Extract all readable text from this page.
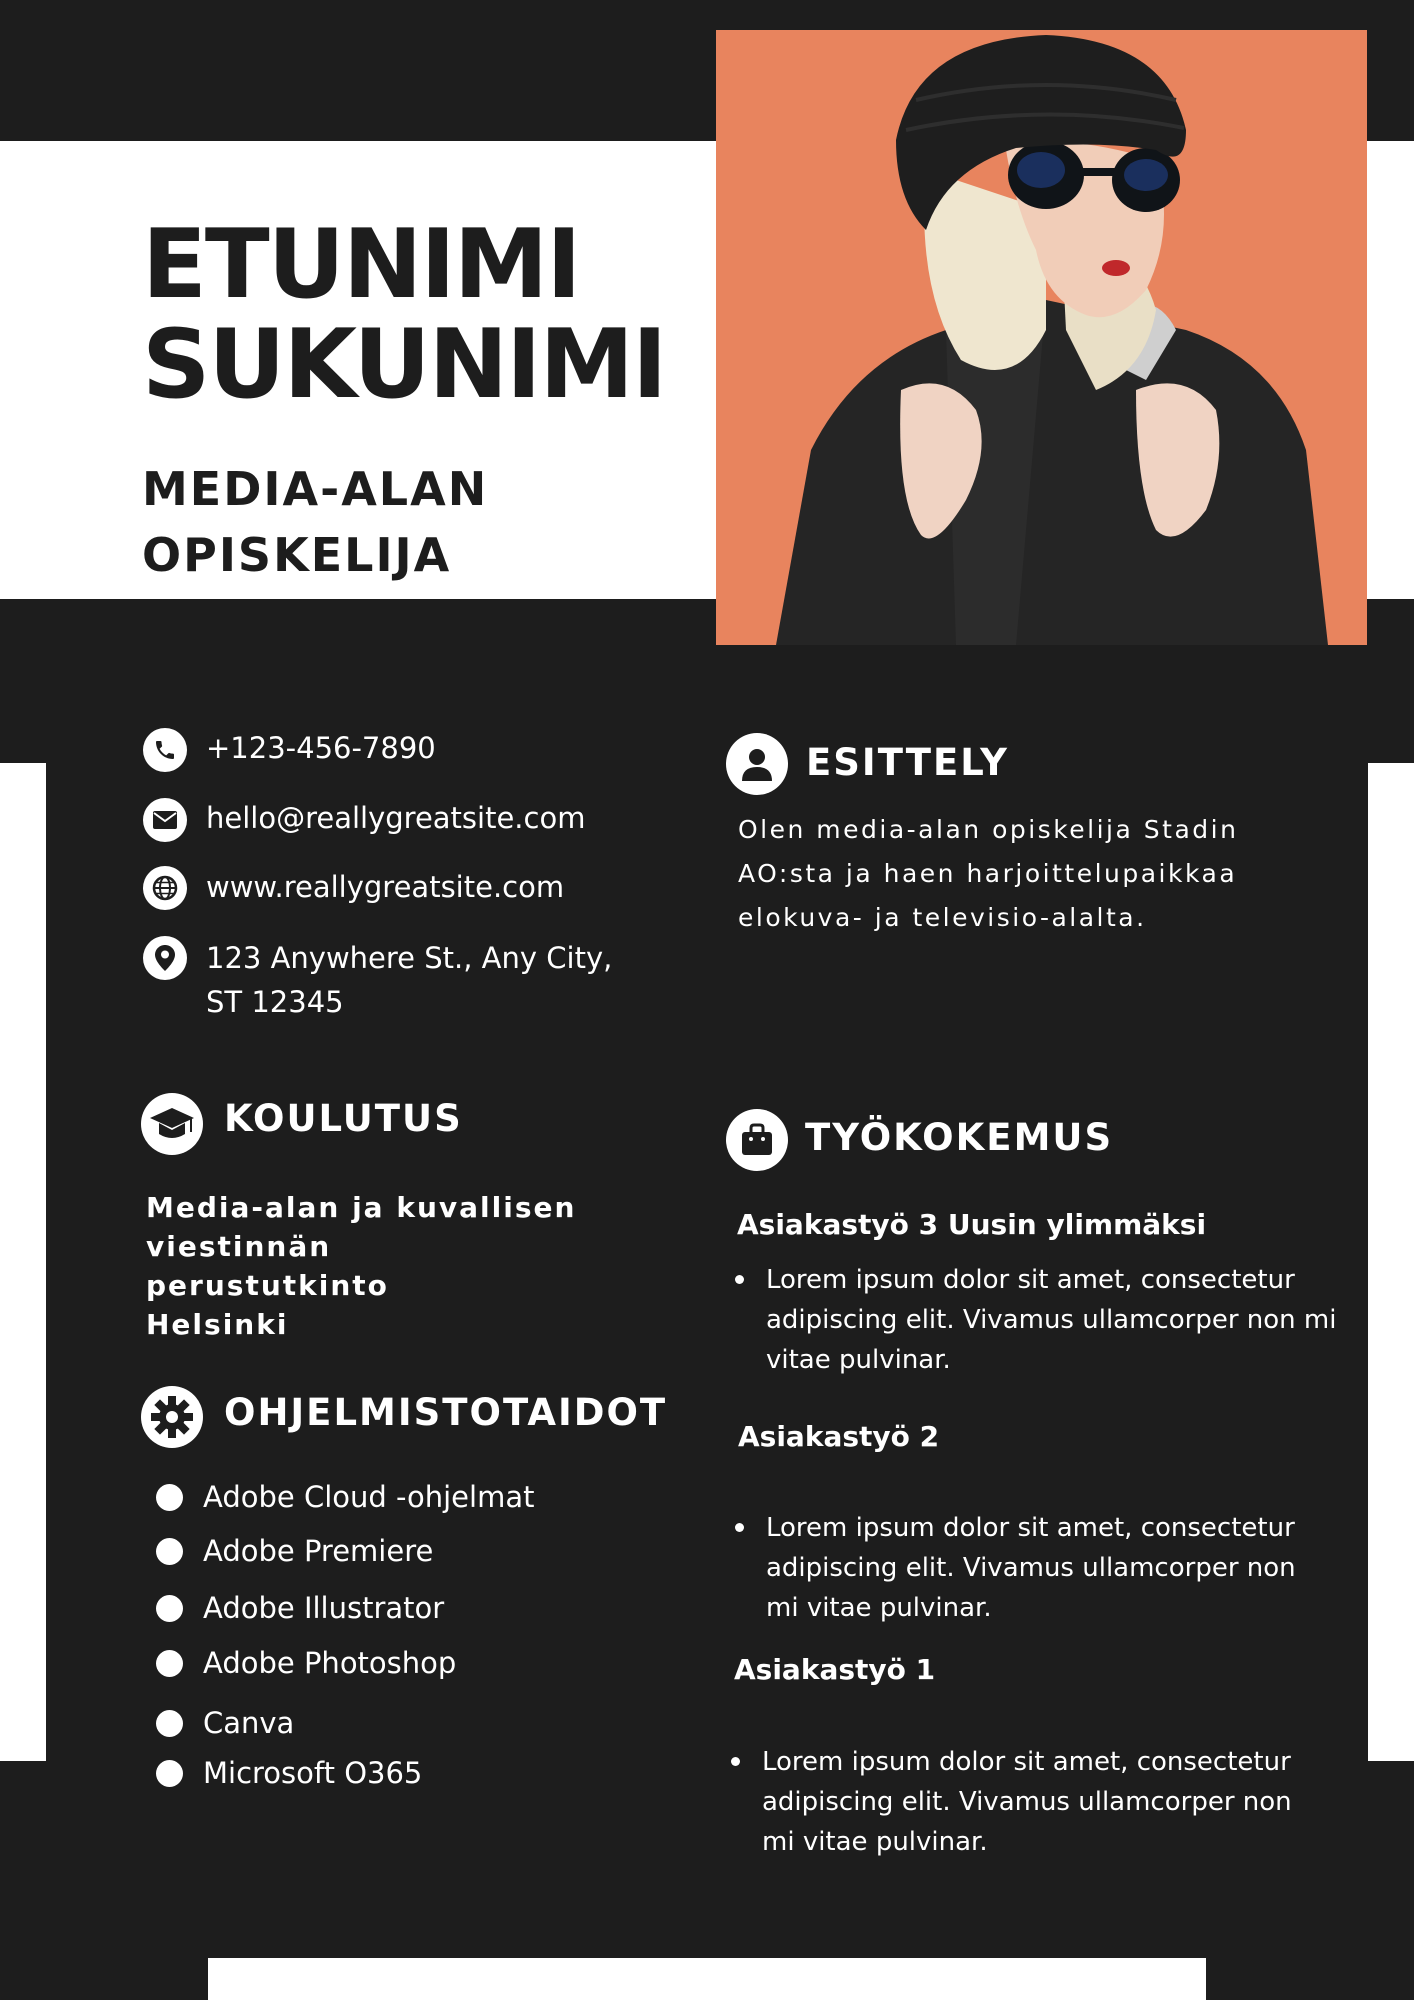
ETUNIMI
SUKUNIMI
MEDIA-ALAN
OPISKELIJA
+123-456-7890
hello@reallygreatsite.com
www.reallygreatsite.com
123 Anywhere St., Any City,
ST 12345
ESITTELY
Olen media-alan opiskelija Stadin AO:sta ja haen harjoittelupaikkaa elokuva- ja televisio-alalta.
KOULUTUS
Media-alan ja kuvallisen
viestinnän
perustutkinto
Helsinki
OHJELMISTOTAIDOT
Adobe Cloud -ohjelmat
Adobe Premiere
Adobe Illustrator
Adobe Photoshop
Canva
Microsoft O365
TYÖKOKEMUS
Asiakastyö 3 Uusin ylimmäksi
Lorem ipsum dolor sit amet, consectetur
adipiscing elit. Vivamus ullamcorper non mi
vitae pulvinar.
Asiakastyö 2
Lorem ipsum dolor sit amet, consectetur
adipiscing elit. Vivamus ullamcorper non
mi vitae pulvinar.
Asiakastyö 1
Lorem ipsum dolor sit amet, consectetur
adipiscing elit. Vivamus ullamcorper non
mi vitae pulvinar.
